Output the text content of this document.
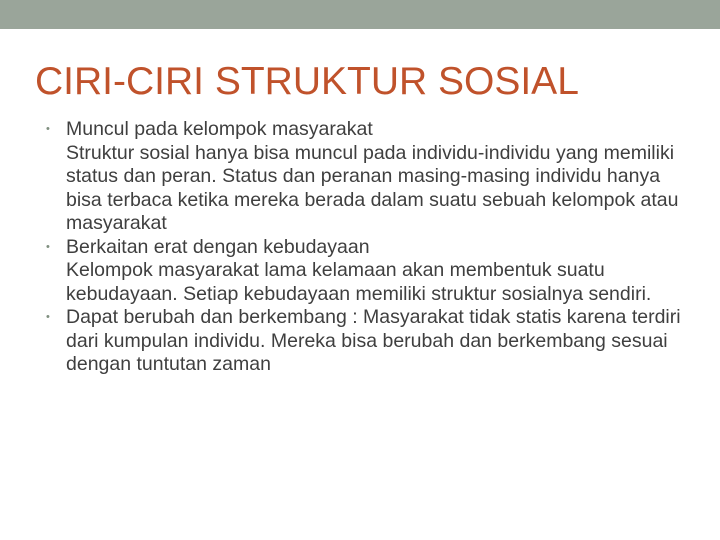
CIRI-CIRI STRUKTUR SOSIAL
• Muncul pada kelompok masyarakat
Struktur sosial hanya bisa muncul pada individu-individu yang memiliki status dan peran. Status dan peranan masing-masing individu hanya bisa terbaca ketika mereka berada dalam suatu sebuah kelompok atau masyarakat
• Berkaitan erat dengan kebudayaan
Kelompok masyarakat lama kelamaan akan membentuk suatu kebudayaan. Setiap kebudayaan memiliki struktur sosialnya sendiri.
• Dapat berubah dan berkembang : Masyarakat tidak statis karena terdiri dari kumpulan individu. Mereka bisa berubah dan berkembang sesuai dengan tuntutan zaman
